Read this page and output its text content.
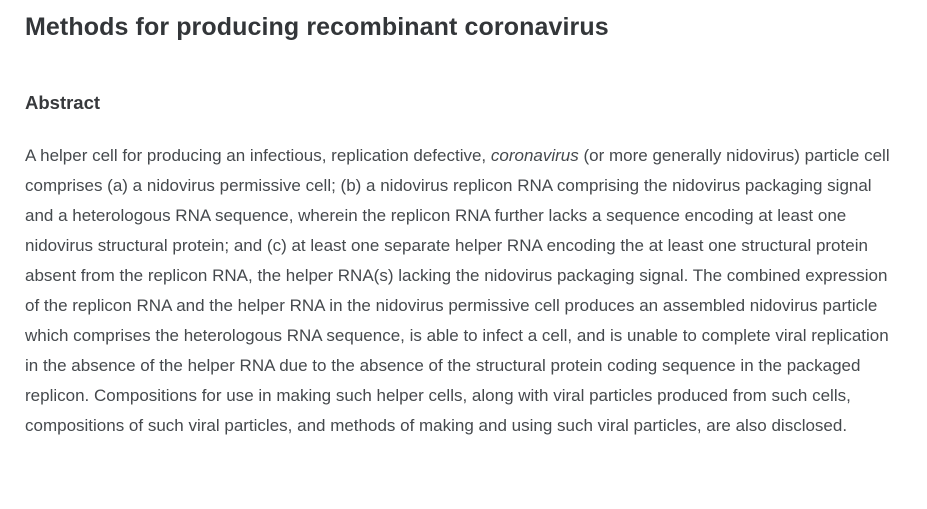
Methods for producing recombinant coronavirus
Abstract

A helper cell for producing an infectious, replication defective, coronavirus (or more generally nidovirus) particle cell comprises (a) a nidovirus permissive cell; (b) a nidovirus replicon RNA comprising the nidovirus packaging signal and a heterologous RNA sequence, wherein the replicon RNA further lacks a sequence encoding at least one nidovirus structural protein; and (c) at least one separate helper RNA encoding the at least one structural protein absent from the replicon RNA, the helper RNA(s) lacking the nidovirus packaging signal. The combined expression of the replicon RNA and the helper RNA in the nidovirus permissive cell produces an assembled nidovirus particle which comprises the heterologous RNA sequence, is able to infect a cell, and is unable to complete viral replication in the absence of the helper RNA due to the absence of the structural protein coding sequence in the packaged replicon. Compositions for use in making such helper cells, along with viral particles produced from such cells, compositions of such viral particles, and methods of making and using such viral particles, are also disclosed.
